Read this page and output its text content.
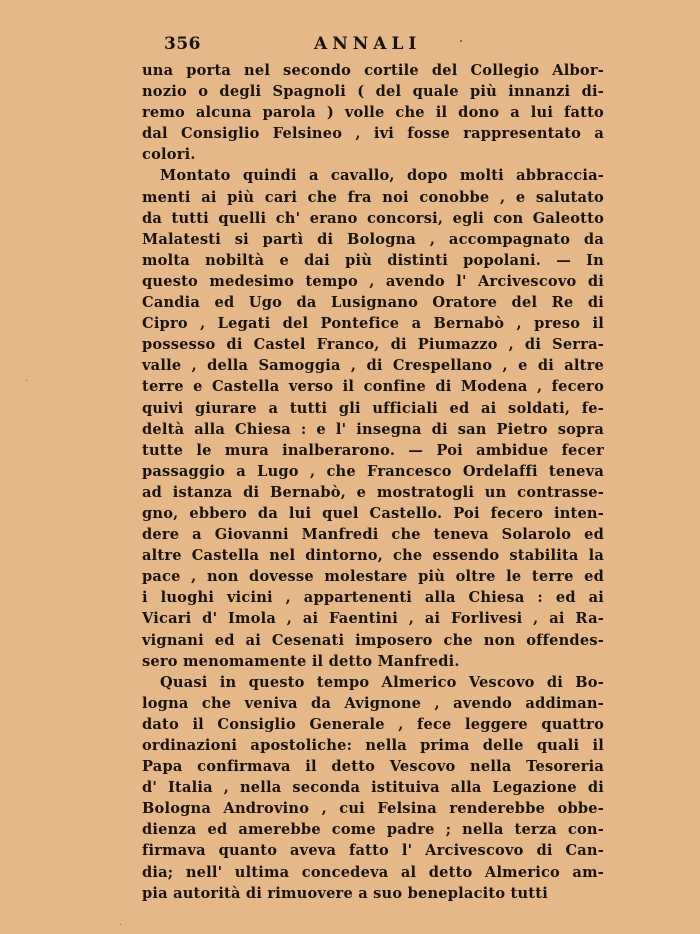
356	ANNALI
una porta nel secondo cortile del Collegio Albor-
nozio o degli Spagnoli ( del quale più innanzi di-
remo alcuna parola ) volle che il dono a lui fatto
dal Consiglio Felsineo , ivi fosse rappresentato a
colori.
Montato quindi a cavallo, dopo molti abbraccia-
menti ai più cari che fra noi conobbe , e salutato
da tutti quelli ch' erano concorsi, egli con Galeotto
Malatesti si partì di Bologna , accompagnato da
molta nobiltà e dai più distinti popolani. — In
questo medesimo tempo , avendo l' Arcivescovo di
Candia ed Ugo da Lusignano Oratore del Re di
Cipro , Legati del Pontefice a Bernabò , preso il
possesso di Castel Franco, di Piumazzo , di Serra-
valle , della Samoggia , di Crespellano , e di altre
terre e Castella verso il confine di Modena , fecero
quivi giurare a tutti gli ufficiali ed ai soldati, fe-
deltà alla Chiesa : e l' insegna di san Pietro sopra
tutte le mura inalberarono. — Poi ambidue fecer
passaggio a Lugo , che Francesco Ordelaffi teneva
ad istanza di Bernabò, e mostratogli un contrasse-
gno, ebbero da lui quel Castello. Poi fecero inten-
dere a Giovanni Manfredi che teneva Solarolo ed
altre Castella nel dintorno, che essendo stabilita la
pace , non dovesse molestare più oltre le terre ed
i luoghi vicini , appartenenti alla Chiesa : ed ai
Vicari d' Imola , ai Faentini , ai Forlivesi , ai Ra-
vignani ed ai Cesenati imposero che non offendes-
sero menomamente il detto Manfredi.
Quasi in questo tempo Almerico Vescovo di Bo-
logna che veniva da Avignone , avendo addiman-
dato il Consiglio Generale , fece leggere quattro
ordinazioni apostoliche: nella prima delle quali il
Papa confirmava il detto Vescovo nella Tesoreria
d' Italia , nella seconda istituiva alla Legazione di
Bologna Androvino , cui Felsina renderebbe obbe-
dienza ed amerebbe come padre ; nella terza con-
firmava quanto aveva fatto l' Arcivescovo di Can-
dia; nell' ultima concedeva al detto Almerico am-
pia autorità di rimuovere a suo beneplacito tutti
